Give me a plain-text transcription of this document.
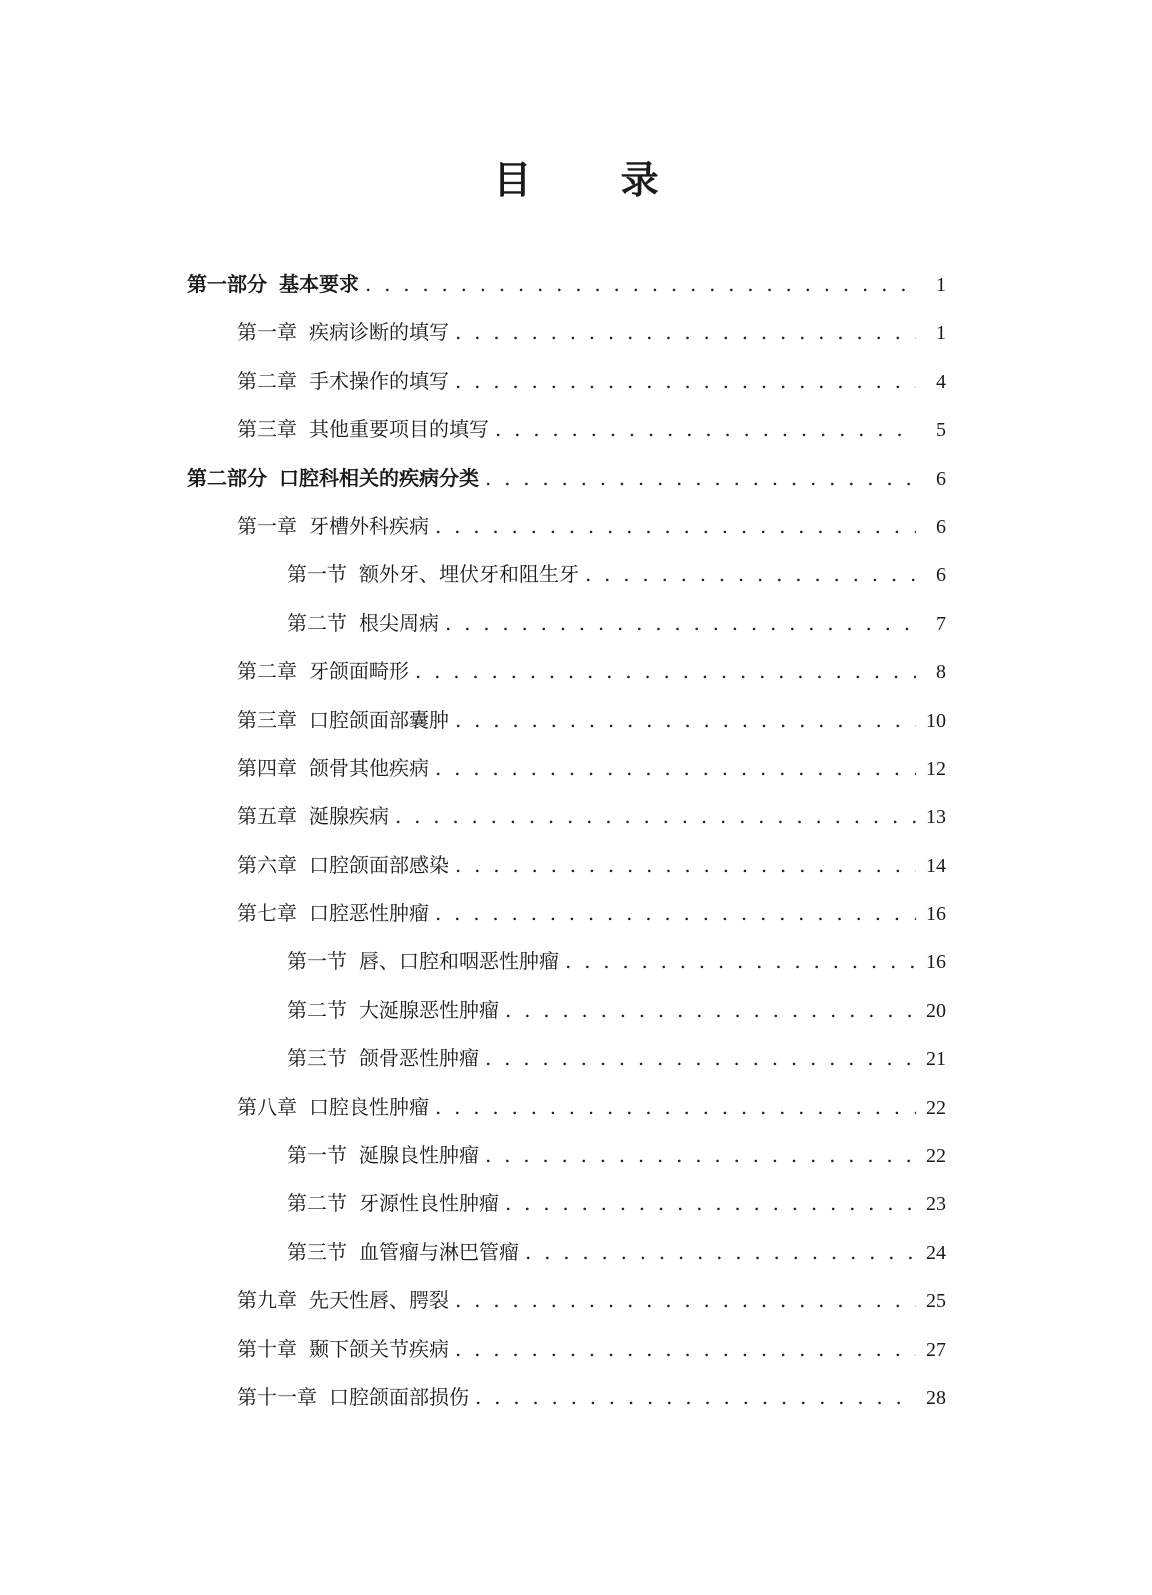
目 录
第一部分 基本要求 . . .	1
第一章 疾病诊断的填写 . . .	1
第二章 手术操作的填写 . . .	4
第三章 其他重要项目的填写 . . .	5
第二部分 口腔科相关的疾病分类 . . .	6
第一章 牙槽外科疾病 . . .	6
第一节 额外牙、埋伏牙和阻生牙 . . .	6
第二节 根尖周病 . . .	7
第二章 牙颌面畸形 . . .	8
第三章 口腔颌面部囊肿 . . .	10
第四章 颌骨其他疾病 . . .	12
第五章 涎腺疾病 . . .	13
第六章 口腔颌面部感染 . . .	14
第七章 口腔恶性肿瘤 . . .	16
第一节 唇、口腔和咽恶性肿瘤 . . .	16
第二节 大涎腺恶性肿瘤 . . .	20
第三节 颌骨恶性肿瘤 . . .	21
第八章 口腔良性肿瘤 . . .	22
第一节 涎腺良性肿瘤 . . .	22
第二节 牙源性良性肿瘤 . . .	23
第三节 血管瘤与淋巴管瘤 . . .	24
第九章 先天性唇、腭裂 . . .	25
第十章 颞下颌关节疾病 . . .	27
第十一章 口腔颌面部损伤 . . .	28
